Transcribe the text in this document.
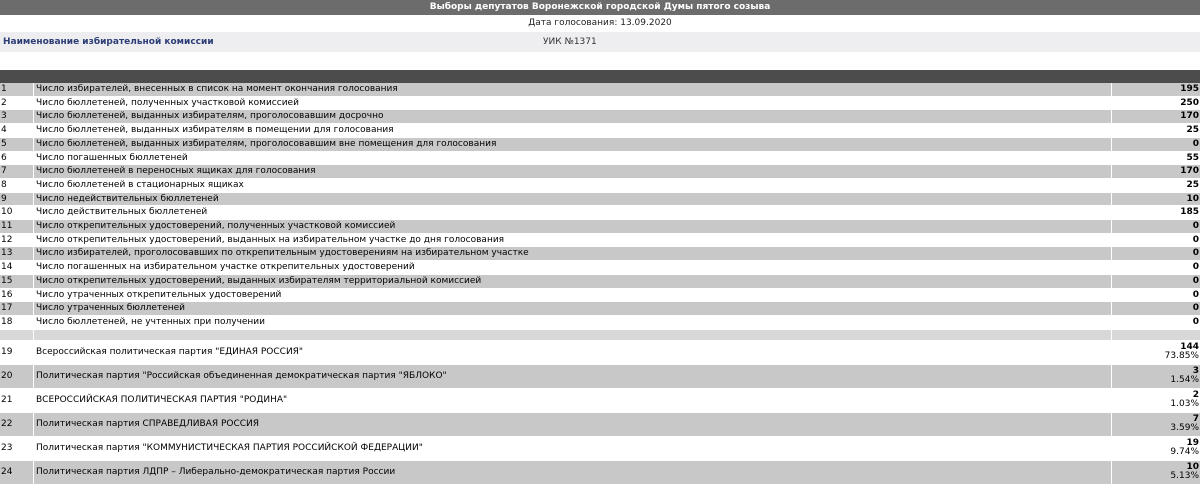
Выборы депутатов Воронежской городской Думы пятого созыва
Дата голосования: 13.09.2020
Наименование избирательной комиссии	УИК №1371
1	Число избирателей, внесенных в список на момент окончания голосования	195
2	Число бюллетеней, полученных участковой комиссией	250
3	Число бюллетеней, выданных избирателям, проголосовавшим досрочно	170
4	Число бюллетеней, выданных избирателям в помещении для голосования	25
5	Число бюллетеней, выданных избирателям, проголосовавшим вне помещения для голосования	0
6	Число погашенных бюллетеней	55
7	Число бюллетеней в переносных ящиках для голосования	170
8	Число бюллетеней в стационарных ящиках	25
9	Число недействительных бюллетеней	10
10	Число действительных бюллетеней	185
11	Число открепительных удостоверений, полученных участковой комиссией	0
12	Число открепительных удостоверений, выданных на избирательном участке до дня голосования	0
13	Число избирателей, проголосовавших по открепительным удостоверениям на избирательном участке	0
14	Число погашенных на избирательном участке открепительных удостоверений	0
15	Число открепительных удостоверений, выданных избирателям территориальной комиссией	0
16	Число утраченных открепительных удостоверений	0
17	Число утраченных бюллетеней	0
18	Число бюллетеней, не учтенных при получении	0

19	Всероссийская политическая партия "ЕДИНАЯ РОССИЯ"	144
73.85%

20	Политическая партия "Российская объединенная демократическая партия "ЯБЛОКО"	3
1.54%

21	ВСЕРОССИЙСКАЯ ПОЛИТИЧЕСКАЯ ПАРТИЯ "РОДИНА"	2
1.03%

22	Политическая партия СПРАВЕДЛИВАЯ РОССИЯ	7
3.59%

23	Политическая партия "КОММУНИСТИЧЕСКАЯ ПАРТИЯ РОССИЙСКОЙ ФЕДЕРАЦИИ"	19
9.74%

24	Политическая партия ЛДПР – Либерально-демократическая партия России	10
5.13%
